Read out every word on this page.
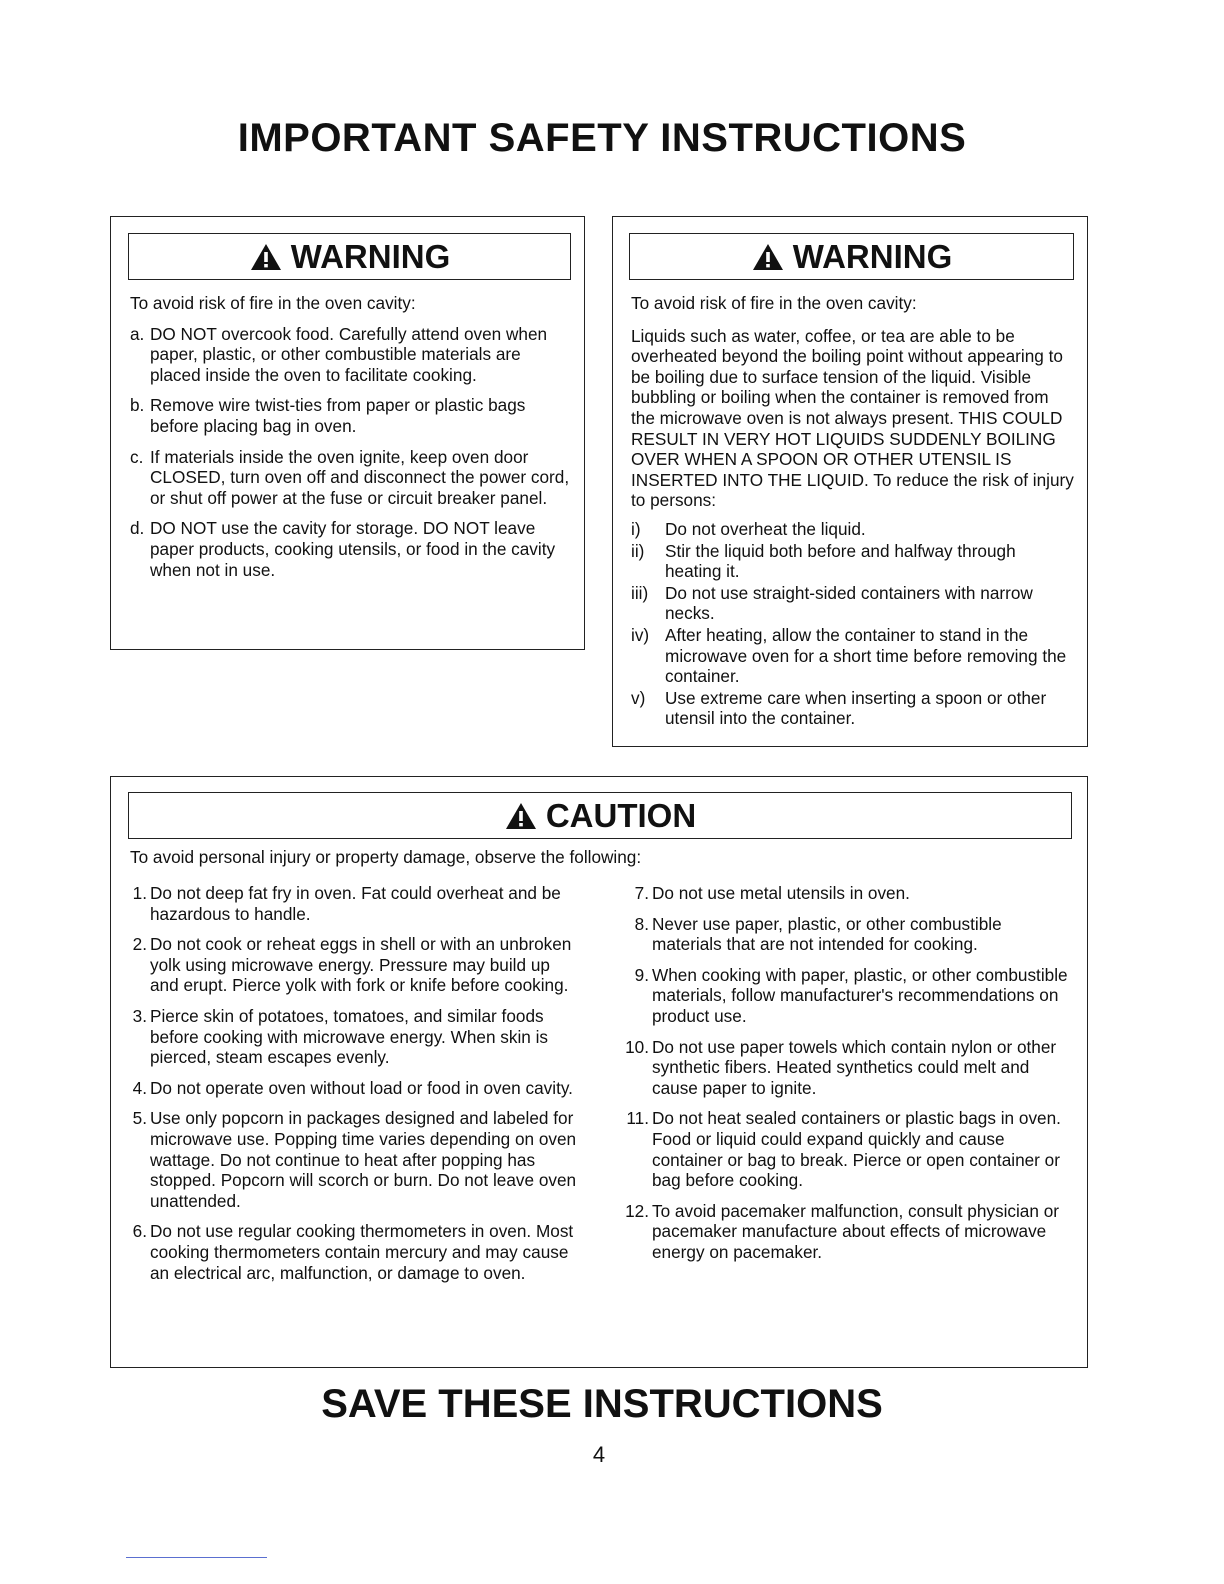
IMPORTANT SAFETY INSTRUCTIONS
WARNING

To avoid risk of fire in the oven cavity:

a. DO NOT overcook food. Carefully attend oven when paper, plastic, or other combustible materials are placed inside the oven to facilitate cooking.
b. Remove wire twist-ties from paper or plastic bags before placing bag in oven.
c. If materials inside the oven ignite, keep oven door CLOSED, turn oven off and disconnect the power cord, or shut off power at the fuse or circuit breaker panel.
d. DO NOT use the cavity for storage. DO NOT leave paper products, cooking utensils, or food in the cavity when not in use.
WARNING

To avoid risk of fire in the oven cavity:

Liquids such as water, coffee, or tea are able to be overheated beyond the boiling point without appearing to be boiling due to surface tension of the liquid. Visible bubbling or boiling when the container is removed from the microwave oven is not always present. THIS COULD RESULT IN VERY HOT LIQUIDS SUDDENLY BOILING OVER WHEN A SPOON OR OTHER UTENSIL IS INSERTED INTO THE LIQUID. To reduce the risk of injury to persons:

i)	Do not overheat the liquid.
ii)	Stir the liquid both before and halfway through heating it.
iii) Do not use straight-sided containers with narrow necks.
iv) After heating, allow the container to stand in the microwave oven for a short time before removing the container.
v)	Use extreme care when inserting a spoon or other utensil into the container.
CAUTION
To avoid personal injury or property damage, observe the following:
1. Do not deep fat fry in oven. Fat could overheat and be hazardous to handle.
2. Do not cook or reheat eggs in shell or with an unbroken yolk using microwave energy. Pressure may build up and erupt. Pierce yolk with fork or knife before cooking.
3. Pierce skin of potatoes, tomatoes, and similar foods before cooking with microwave energy. When skin is pierced, steam escapes evenly.
4. Do not operate oven without load or food in oven cavity.
5. Use only popcorn in packages designed and labeled for microwave use. Popping time varies depending on oven wattage. Do not continue to heat after popping has stopped. Popcorn will scorch or burn. Do not leave oven unattended.
6. Do not use regular cooking thermometers in oven. Most cooking thermometers contain mercury and may cause an electrical arc, malfunction, or damage to oven.
7. Do not use metal utensils in oven.
8. Never use paper, plastic, or other combustible materials that are not intended for cooking.
9. When cooking with paper, plastic, or other combustible materials, follow manufacturer's recommendations on product use.
10. Do not use paper towels which contain nylon or other synthetic fibers. Heated synthetics could melt and cause paper to ignite.
11. Do not heat sealed containers or plastic bags in oven. Food or liquid could expand quickly and cause container or bag to break. Pierce or open container or bag before cooking.
12. To avoid pacemaker malfunction, consult physician or pacemaker manufacture about effects of microwave energy on pacemaker.
SAVE THESE INSTRUCTIONS
4
